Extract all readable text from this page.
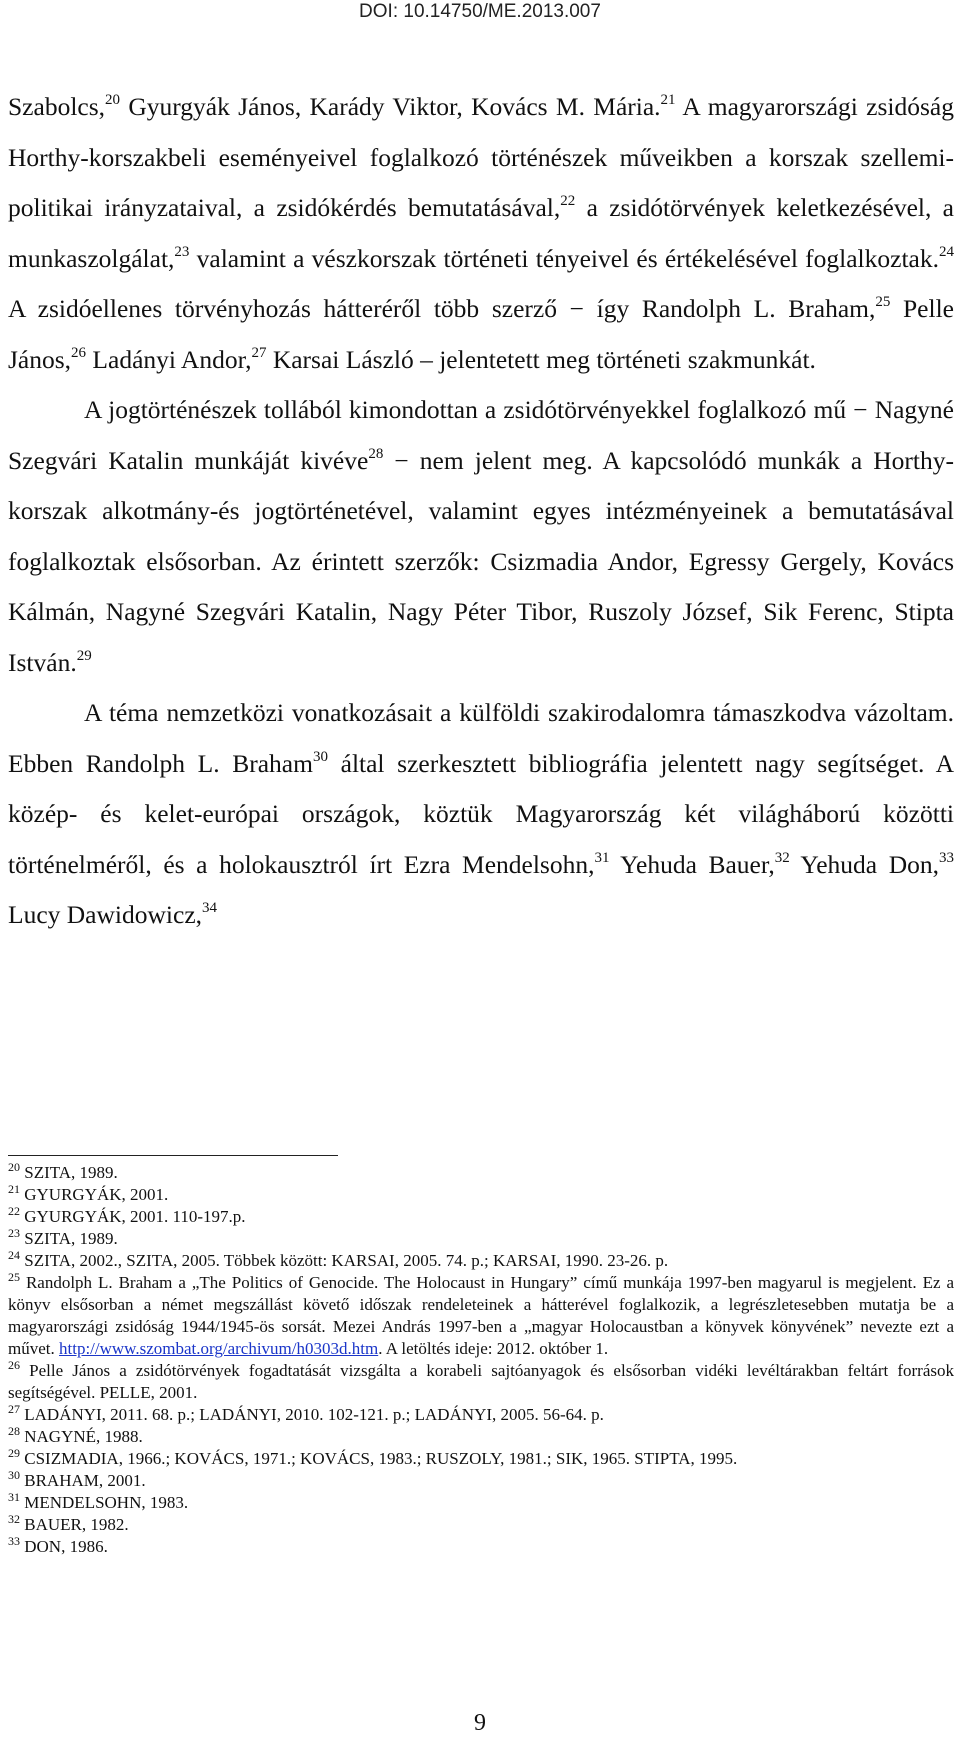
DOI: 10.14750/ME.2013.007

Szabolcs,$^{20}$ Gyurgyák János, Karády Viktor, Kovács M. Mária.$^{21}$ A magyarországi zsidóság Horthy-korszakbeli eseményeivel foglalkozó történészek műveikben a korszak szellemi-politikai irányzataival, a zsidókérdés bemutatásával,$^{22}$ a zsidótörvények keletkezésével, a munkaszolgálat,$^{23}$ valamint a vészkorszak történeti tényeivel és értékelésével foglalkoztak.$^{24}$ A zsidóellenes törvényhozás hátteréről több szerző − így Randolph L. Braham,$^{25}$ Pelle János,$^{26}$ Ladányi Andor,$^{27}$ Karsai László – jelentetett meg történeti szakmunkát.

A jogtörténészek tollából kimondottan a zsidótörvényekkel foglalkozó mű − Nagyné Szegvári Katalin munkáját kivéve$^{28}$ − nem jelent meg. A kapcsolódó munkák a Horthy-korszak alkotmány-és jogtörténetével, valamint egyes intézményeinek a bemutatásával foglalkoztak elsősorban. Az érintett szerzők: Csizmadia Andor, Egressy Gergely, Kovács Kálmán, Nagyné Szegvári Katalin, Nagy Péter Tibor, Ruszoly József, Sik Ferenc, Stipta István.$^{29}$

A téma nemzetközi vonatkozásait a külföldi szakirodalomra támaszkodva vázoltam. Ebben Randolph L. Braham$^{30}$ által szerkesztett bibliográfia jelentett nagy segítséget. A közép- és kelet-európai országok, köztük Magyarország két világháború közötti történelméről, és a holokausztról írt Ezra Mendelsohn,$^{31}$ Yehuda Bauer,$^{32}$ Yehuda Don,$^{33}$ Lucy Dawidowicz,$^{34}$

$^{20}$ SZITA, 1989.

$^{21}$ GYURGYÁK, 2001.

$^{22}$ GYURGYÁK, 2001. 110-197.p.

$^{23}$ SZITA, 1989.

$^{24}$ SZITA, 2002., SZITA, 2005. Többek között: KARSAI, 2005. 74. p.; KARSAI, 1990. 23-26. p.

$^{25}$ Randolph L. Braham a „The Politics of Genocide. The Holocaust in Hungary” című munkája 1997-ben magyarul is megjelent. Ez a könyv elsősorban a német megszállást követő időszak rendeleteinek a hátterével foglalkozik, a legrészletesebben mutatja be a magyarországi zsidóság 1944/1945-ös sorsát. Mezei András 1997-ben a „magyar Holocaustban a könyvek könyvének” nevezte ezt a művet. http://www.szombat.org/archivum/h0303d.htm. A letöltés ideje: 2012. október 1.

$^{26}$ Pelle János a zsidótörvények fogadtatását vizsgálta a korabeli sajtóanyagok és elsősorban vidéki levéltárakban feltárt források segítségével. PELLE, 2001.

$^{27}$ LADÁNYI, 2011. 68. p.; LADÁNYI, 2010. 102-121. p.; LADÁNYI, 2005. 56-64. p.

$^{28}$ NAGYNÉ, 1988.

$^{29}$ CSIZMADIA, 1966.; KOVÁCS, 1971.; KOVÁCS, 1983.; RUSZOLY, 1981.; SIK, 1965. STIPTA, 1995.

$^{30}$ BRAHAM, 2001.

$^{31}$ MENDELSOHN, 1983.

$^{32}$ BAUER, 1982.

$^{33}$ DON, 1986.

9
